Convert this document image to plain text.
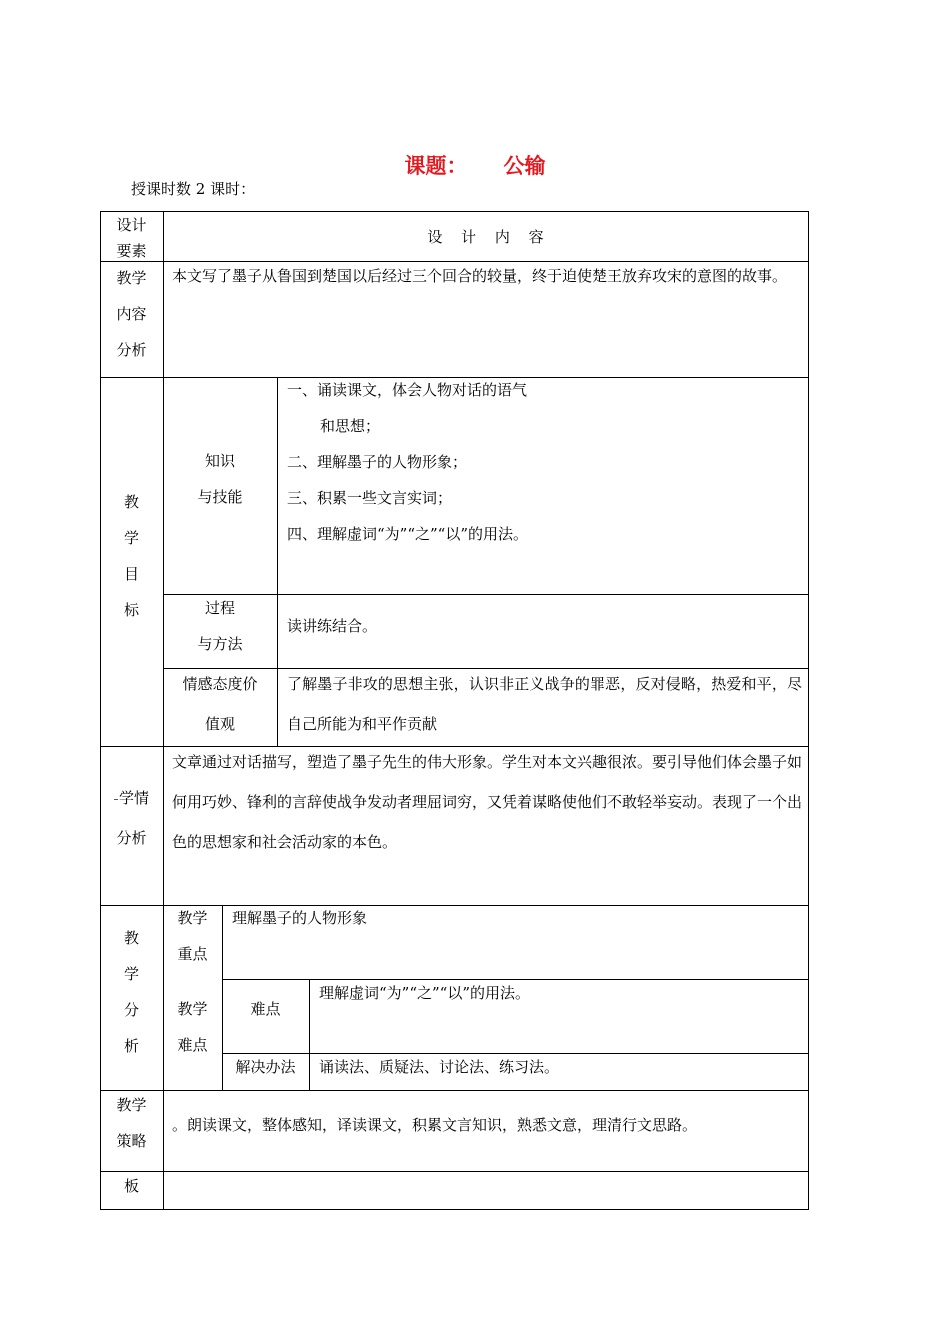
课题： 公输
授课时数 2 课时：
设计
要素
设 计 内 容
教学
内容
分析
本文写了墨子从鲁国到楚国以后经过三个回合的较量，终于迫使楚王放弃攻宋的意图的故事。
教
学
目
标
知识
与技能
一、诵读课文，体会人物对话的语气
和思想；
二、理解墨子的人物形象；
三、积累一些文言实词；
四、理解虚词“为”“之”“以”的用法。
过程
与方法
读讲练结合。
情感态度价
值观
了解墨子非攻的思想主张，认识非正义战争的罪恶，反对侵略，热爱和平，尽自己所能为和平作贡献
学情
分析
文章通过对话描写，塑造了墨子先生的伟大形象。学生对本文兴趣很浓。要引导他们体会墨子如何用巧妙、锋利的言辞使战争发动者理屈词穷，又凭着谋略使他们不敢轻举妄动。表现了一个出色的思想家和社会活动家的本色。
教
学
分
析
教学
重点
理解墨子的人物形象
教学
难点
难点
理解虚词“为”“之”“以”的用法。
解决办法	诵读法、质疑法、讨论法、练习法。
教学
策略
。朗读课文，整体感知，译读课文，积累文言知识，熟悉文意，理清行文思路。
板
